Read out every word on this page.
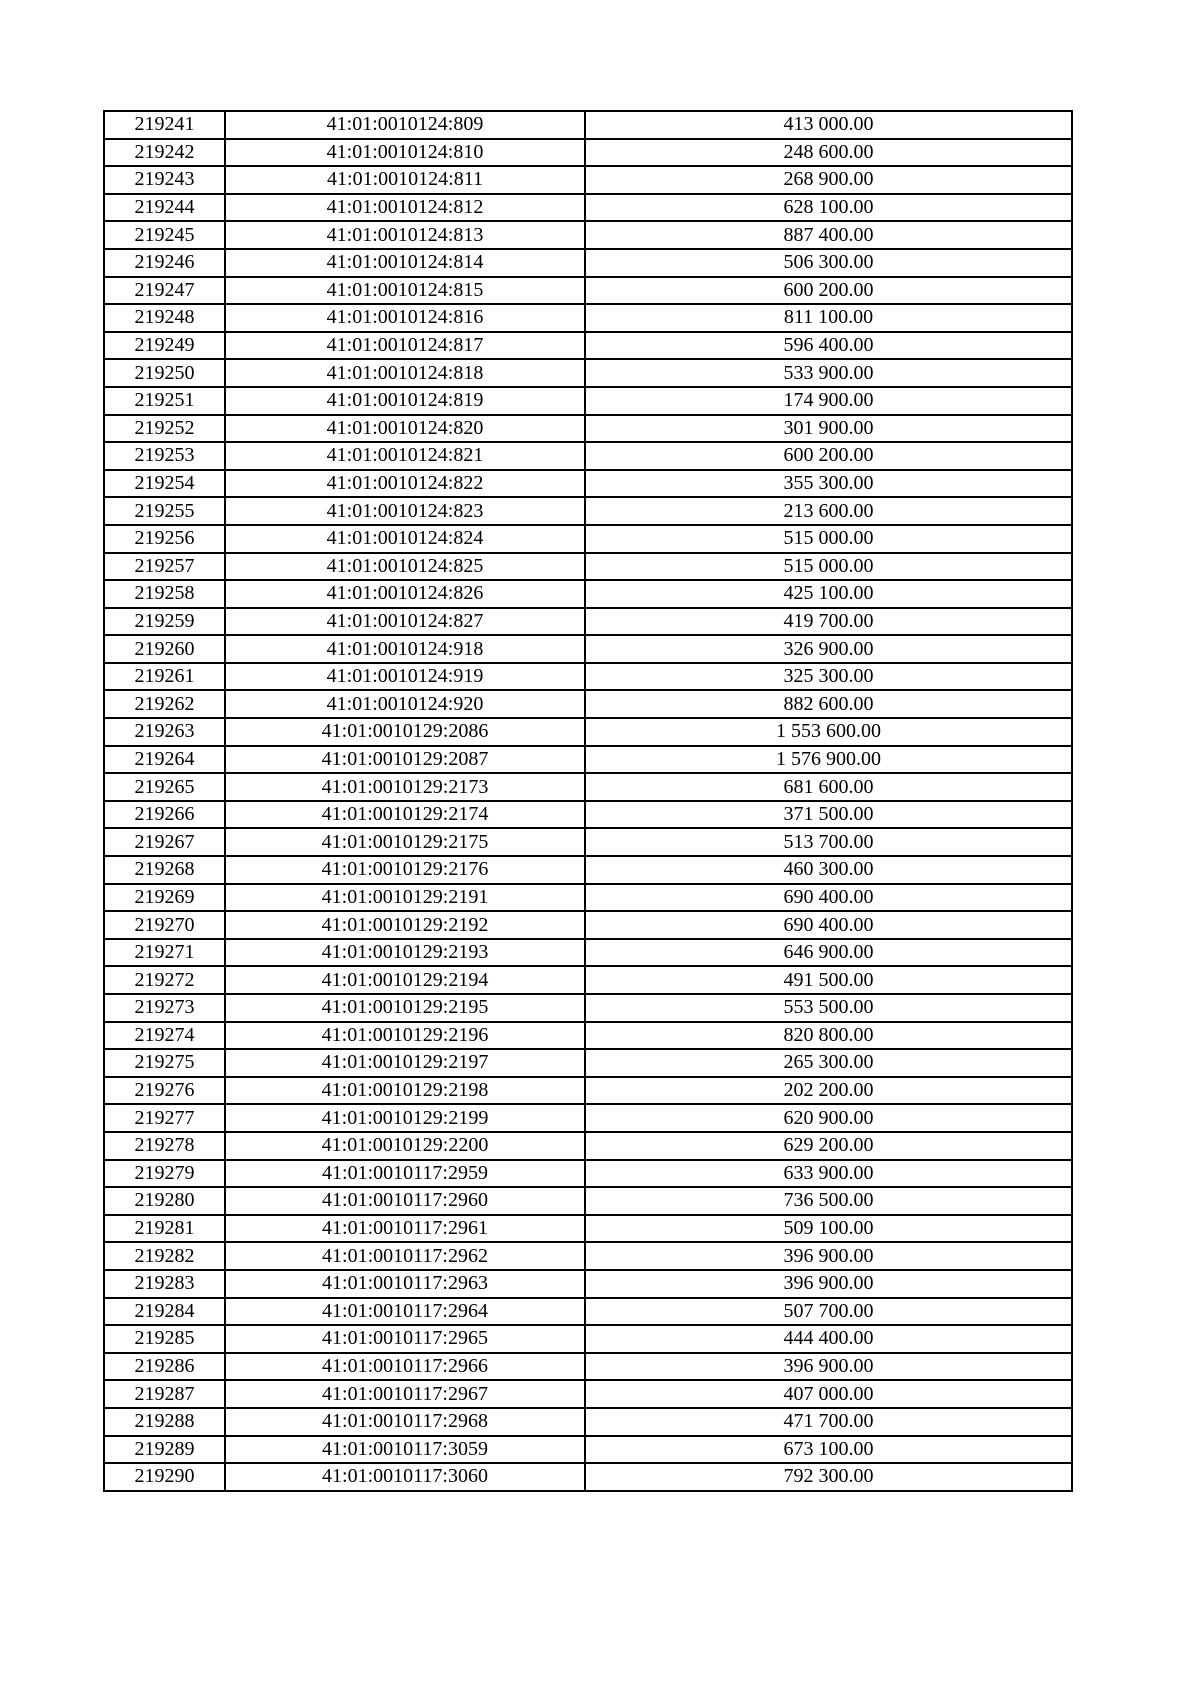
219241	41:01:0010124:809	413 000.00
219242	41:01:0010124:810	248 600.00
219243	41:01:0010124:811	268 900.00
219244	41:01:0010124:812	628 100.00
219245	41:01:0010124:813	887 400.00
219246	41:01:0010124:814	506 300.00
219247	41:01:0010124:815	600 200.00
219248	41:01:0010124:816	811 100.00
219249	41:01:0010124:817	596 400.00
219250	41:01:0010124:818	533 900.00
219251	41:01:0010124:819	174 900.00
219252	41:01:0010124:820	301 900.00
219253	41:01:0010124:821	600 200.00
219254	41:01:0010124:822	355 300.00
219255	41:01:0010124:823	213 600.00
219256	41:01:0010124:824	515 000.00
219257	41:01:0010124:825	515 000.00
219258	41:01:0010124:826	425 100.00
219259	41:01:0010124:827	419 700.00
219260	41:01:0010124:918	326 900.00
219261	41:01:0010124:919	325 300.00
219262	41:01:0010124:920	882 600.00
219263	41:01:0010129:2086	1 553 600.00
219264	41:01:0010129:2087	1 576 900.00
219265	41:01:0010129:2173	681 600.00
219266	41:01:0010129:2174	371 500.00
219267	41:01:0010129:2175	513 700.00
219268	41:01:0010129:2176	460 300.00
219269	41:01:0010129:2191	690 400.00
219270	41:01:0010129:2192	690 400.00
219271	41:01:0010129:2193	646 900.00
219272	41:01:0010129:2194	491 500.00
219273	41:01:0010129:2195	553 500.00
219274	41:01:0010129:2196	820 800.00
219275	41:01:0010129:2197	265 300.00
219276	41:01:0010129:2198	202 200.00
219277	41:01:0010129:2199	620 900.00
219278	41:01:0010129:2200	629 200.00
219279	41:01:0010117:2959	633 900.00
219280	41:01:0010117:2960	736 500.00
219281	41:01:0010117:2961	509 100.00
219282	41:01:0010117:2962	396 900.00
219283	41:01:0010117:2963	396 900.00
219284	41:01:0010117:2964	507 700.00
219285	41:01:0010117:2965	444 400.00
219286	41:01:0010117:2966	396 900.00
219287	41:01:0010117:2967	407 000.00
219288	41:01:0010117:2968	471 700.00
219289	41:01:0010117:3059	673 100.00
219290	41:01:0010117:3060	792 300.00
